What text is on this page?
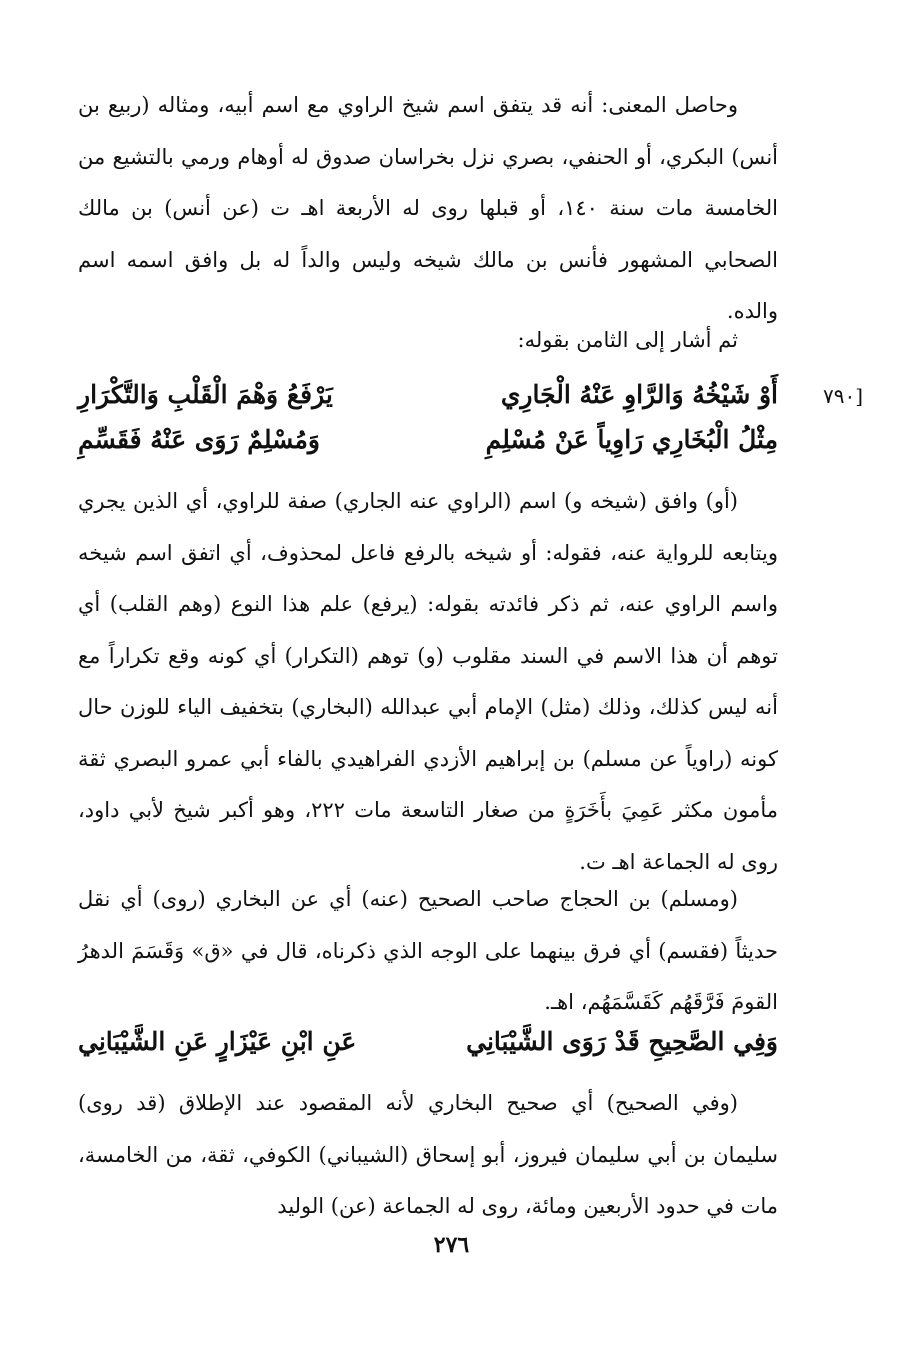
وحاصل المعنى: أنه قد يتفق اسم شيخ الراوي مع اسم أبيه، ومثاله (ربيع بن أنس) البكري، أو الحنفي، بصري نزل بخراسان صدوق له أوهام ورمي بالتشيع من الخامسة مات سنة ١٤٠، أو قبلها روى له الأربعة اهـ ت (عن أنس) بن مالك الصحابي المشهور فأنس بن مالك شيخه وليس والداً له بل وافق اسمه اسم والده.

ثم أشار إلى الثامن بقوله:

[٧٩٠
أَوْ شَيْخُهُ وَالرَّاوِ عَنْهُ الْجَارِي
يَرْفَعُ وَهْمَ الْقَلْبِ وَالتَّكْرَارِ
مِثْلُ الْبُخَارِي رَاوِياً عَنْ مُسْلِمِ
وَمُسْلِمٌ رَوَى عَنْهُ فَقَسِّمِ

(أو) وافق (شيخه و) اسم (الراوي عنه الجاري) صفة للراوي، أي الذين يجري ويتابعه للرواية عنه، فقوله: أو شيخه بالرفع فاعل لمحذوف، أي اتفق اسم شيخه واسم الراوي عنه، ثم ذكر فائدته بقوله: (يرفع) علم هذا النوع (وهم القلب) أي توهم أن هذا الاسم في السند مقلوب (و) توهم (التكرار) أي كونه وقع تكراراً مع أنه ليس كذلك، وذلك (مثل) الإمام أبي عبدالله (البخاري) بتخفيف الياء للوزن حال كونه (راوياً عن مسلم) بن إبراهيم الأزدي الفراهيدي بالفاء أبي عمرو البصري ثقة مأمون مكثر عَمِيَ بأَخَرَةٍ من صغار التاسعة مات ٢٢٢، وهو أكبر شيخ لأبي داود، روى له الجماعة اهـ ت.

(ومسلم) بن الحجاج صاحب الصحيح (عنه) أي عن البخاري (روى) أي نقل حديثاً (فقسم) أي فرق بينهما على الوجه الذي ذكرناه، قال في «ق» وَقَسَمَ الدهرُ القومَ فَرَّقَهُم كَقَسَّمَهُم، اهـ.

وَفِي الصَّحِيحِ قَدْ رَوَى الشَّيْبَانِي
عَنِ ابْنِ عَيْزَارٍ عَنِ الشَّيْبَانِي

(وفي الصحيح) أي صحيح البخاري لأنه المقصود عند الإطلاق (قد روى) سليمان بن أبي سليمان فيروز، أبو إسحاق (الشيباني) الكوفي، ثقة، من الخامسة، مات في حدود الأربعين ومائة، روى له الجماعة (عن) الوليد

٢٧٦
